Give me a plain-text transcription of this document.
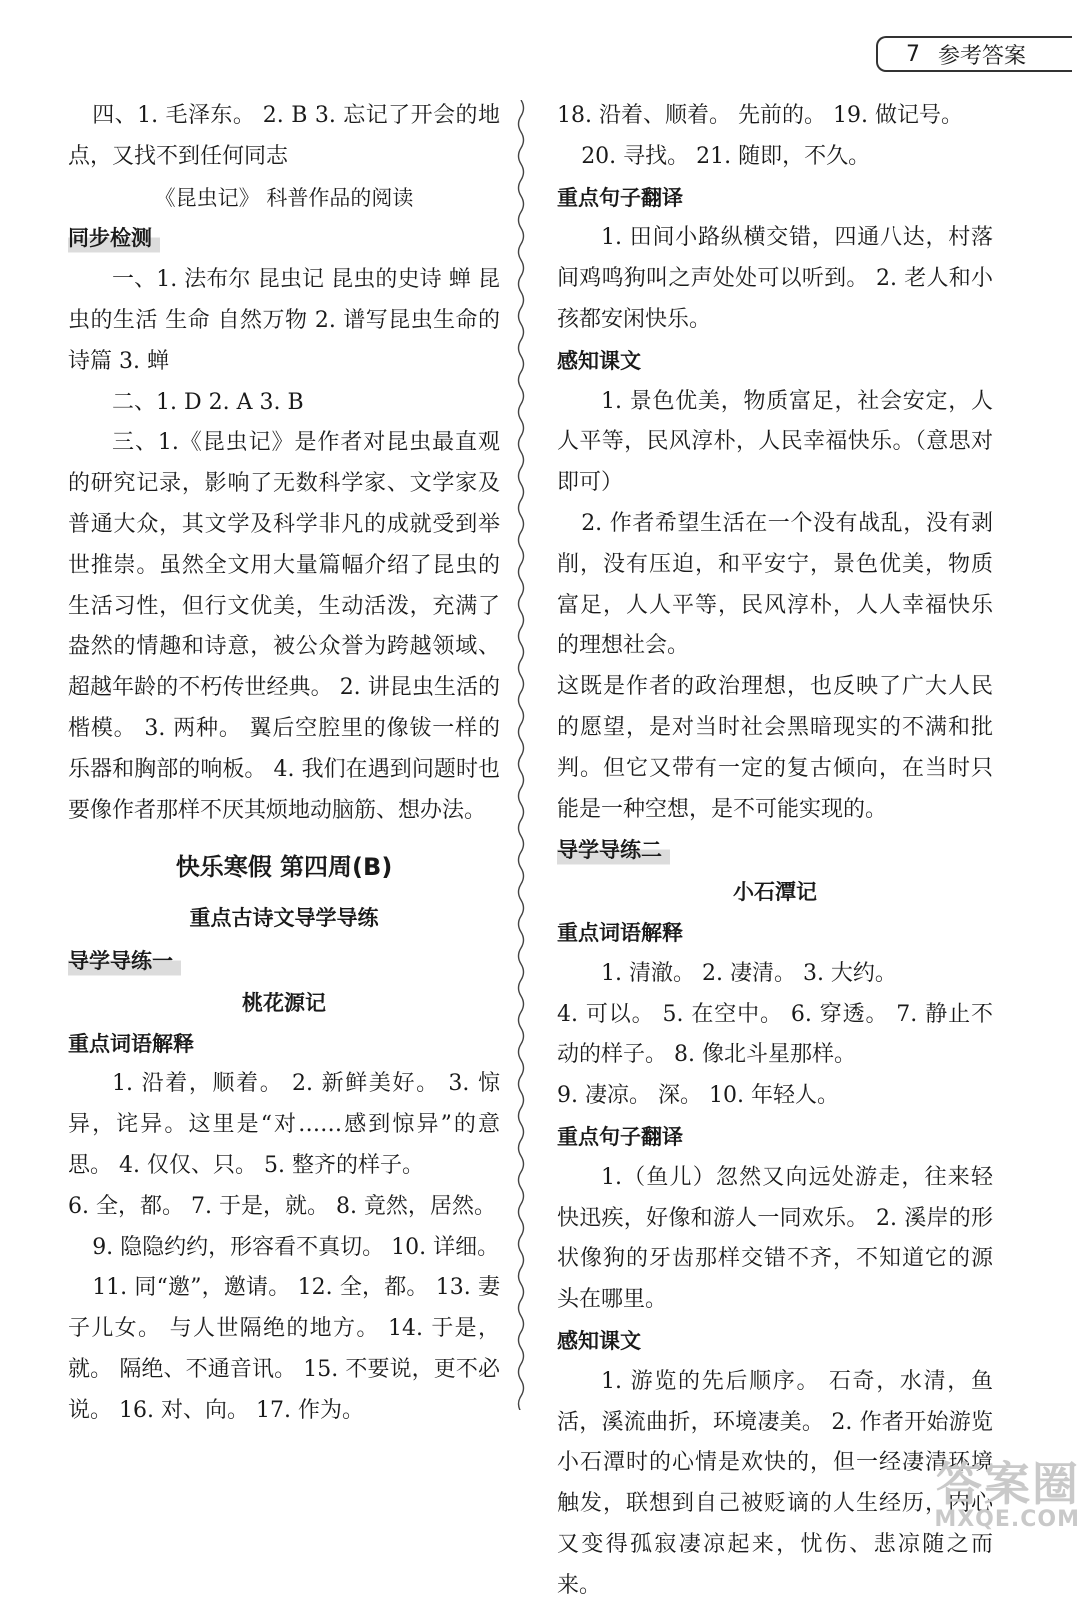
7 参考答案

四、1. 毛泽东。 2. B 3. 忘记了开会的地点，又找不到任何同志

《昆虫记》 科普作品的阅读
同步检测

一、1. 法布尔 昆虫记 昆虫的史诗 蝉 昆虫的生活 生命 自然万物 2. 谱写昆虫生命的诗篇 3. 蝉

二、1. D 2. A 3. B

三、1.《昆虫记》是作者对昆虫最直观的研究记录，影响了无数科学家、文学家及普通大众，其文学及科学非凡的成就受到举世推崇。虽然全文用大量篇幅介绍了昆虫的生活习性，但行文优美，生动活泼，充满了盎然的情趣和诗意，被公众誉为跨越领域、超越年龄的不朽传世经典。 2. 讲昆虫生活的楷模。 3. 两种。 翼后空腔里的像钹一样的乐器和胸部的响板。 4. 我们在遇到问题时也要像作者那样不厌其烦地动脑筋、想办法。

快乐寒假 第四周(B)
重点古诗文导学导练
导学导练一
桃花源记
重点词语解释

1. 沿着，顺着。 2. 新鲜美好。 3. 惊异，诧异。这里是“对……感到惊异”的意思。 4. 仅仅、只。 5. 整齐的样子。

6. 全，都。 7. 于是，就。 8. 竟然，居然。

9. 隐隐约约，形容看不真切。 10. 详细。

11. 同“邀”，邀请。 12. 全，都。 13. 妻子儿女。 与人世隔绝的地方。 14. 于是，就。 隔绝、不通音讯。 15. 不要说，更不必说。 16. 对、向。 17. 作为。

18. 沿着、顺着。 先前的。 19. 做记号。

20. 寻找。 21. 随即，不久。

重点句子翻译

1. 田间小路纵横交错，四通八达，村落间鸡鸣狗叫之声处处可以听到。 2. 老人和小孩都安闲快乐。

感知课文

1. 景色优美，物质富足，社会安定，人人平等，民风淳朴，人民幸福快乐。（意思对即可）

2. 作者希望生活在一个没有战乱，没有剥削，没有压迫，和平安宁，景色优美，物质富足，人人平等，民风淳朴，人人幸福快乐的理想社会。

这既是作者的政治理想，也反映了广大人民的愿望，是对当时社会黑暗现实的不满和批判。但它又带有一定的复古倾向，在当时只能是一种空想，是不可能实现的。

导学导练二
小石潭记
重点词语解释

1. 清澈。 2. 凄清。 3. 大约。

4. 可以。 5. 在空中。 6. 穿透。 7. 静止不动的样子。 8. 像北斗星那样。

9. 凄凉。 深。 10. 年轻人。

重点句子翻译

1.（鱼儿）忽然又向远处游走，往来轻快迅疾，好像和游人一同欢乐。 2. 溪岸的形状像狗的牙齿那样交错不齐，不知道它的源头在哪里。

感知课文

1. 游览的先后顺序。 石奇，水清，鱼活，溪流曲折，环境凄美。 2. 作者开始游览小石潭时的心情是欢快的，但一经凄清环境触发，联想到自己被贬谪的人生经历，内心又变得孤寂凄凉起来，忧伤、悲凉随之而来。

答案圈
MXQE.COM
